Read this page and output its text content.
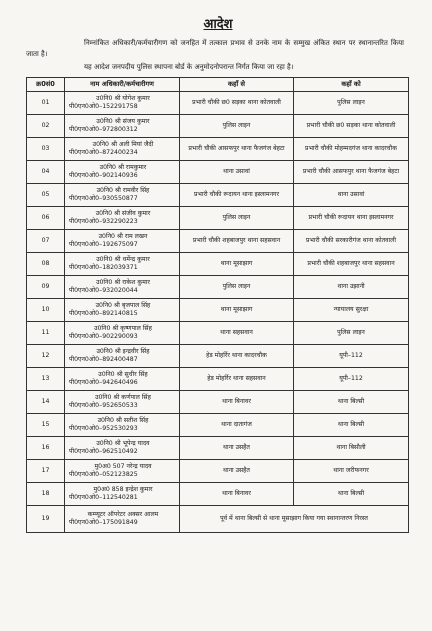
आदेश

निम्नांकित अधिकारी/कर्मचारीगण को जनहित में तत्काल प्रभाव से उनके नाम के सम्मुख अंकित स्थान पर स्थानान्तरित किया जाता है।

यह आदेश जनपदीय पुलिस स्थापना बोर्ड के अनुमोदनोपरान्त निर्गत किया जा रहा है।

क्र0सं0	नाम अधिकारी/कर्मचारीगण	कहाँ से	कहाँ को
01	उ0नि0 श्री योगेश कुमार
पी0एन0ओ0–152291758	प्रभारी चौकी छ0 सड़का थाना कोतवाली	पुलिस लाइन
02	उ0नि0 श्री संजय कुमार
पी0एन0ओ0–972800312	पुलिस लाइन	प्रभारी चौकी छ0 सड़का थाना कोतवाली
03	उ0नि0 श्री अली मियां जैदी
पी0एन0ओ0–872400234	प्रभारी चौकी आसफपुर थाना फैजगंज बेहटा	प्रभारी चौकी मोहम्मदगंज थाना कादरचौक
04	उ0नि0 श्री रामकुमार
पी0एन0ओ0–902140936	थाना उसावां	प्रभारी चौकी आसफपुर थाना फैजगंज बेहटा
05	उ0नि0 श्री रामवीर सिंह
पी0एन0ओ0–930550877	प्रभारी चौकी रूदायन थाना इस्लामनगर	थाना उसावां
06	उ0नि0 श्री संजीव कुमार
पी0एन0ओ0–932290223	पुलिस लाइन	प्रभारी चौकी रूदायन थाना इस्लामनगर
07	उ0नि0 श्री राम लखन
पी0एन0ओ0–192675097	प्रभारी चौकी शहबाजपुर थाना सहसवान	प्रभारी चौकी सरकारीगंज थाना कोतवाली
08	उ0नि0 श्री धर्मेन्द्र कुमार
पी0एन0ओ0–182039371	थाना मूसाझाग	प्रभारी चौकी शहबाजपुर थाना सहसवान
09	उ0नि0 श्री राकेश कुमार
पी0एन0ओ0–932020044	पुलिस लाइन	थाना उझानी
10	उ0नि0 श्री बृजपाल सिंह
पी0एन0ओ0–892140815	थाना मूसाझाग	न्यायालय सुरक्षा
11	उ0नि0 श्री कृष्णपाल सिंह
पी0एन0ओ0–902290093	थाना सहसवान	पुलिस लाइन
12	उ0नि0 श्री इन्द्रवीर सिंह
पी0एन0ओ0–892400487	हेड मोहर्रिर थाना कादरचौक	यूपी–112
13	उ0नि0 श्री सुधीर सिंह
पी0एन0ओ0–942640496	हेड मोहर्रिर थाना सहसवान	यूपी–112
14	उ0नि0 श्री कर्णपाल सिंह
पी0एन0ओ0–952650533	थाना बिनावर	थाना बिल्सी
15	उ0नि0 श्री सतीश सिंह
पी0एन0ओ0–952530293	थाना दातागंज	थाना बिल्सी
16	उ0नि0 श्री भूपेन्द्र यादव
पी0एन0ओ0–962510492	थाना उसहैत	थाना बिसौली
17	मु0अ0 507 नरेन्द्र यादव
पी0एन0ओ0–052123825	थाना उसहैत	थाना जरीफनगर
18	मु0अ0 858 इन्द्रेश कुमार
पी0एन0ओ0–112540281	थाना बिनावर	थाना बिल्सी
19	कम्प्यूटर ऑपरेटर अक्सर आलम
पी0एन0ओ0–175091849	पूर्व में थाना बिल्सी से थाना मूसाझाग किया गया स्थानान्तरण निरस्त	
